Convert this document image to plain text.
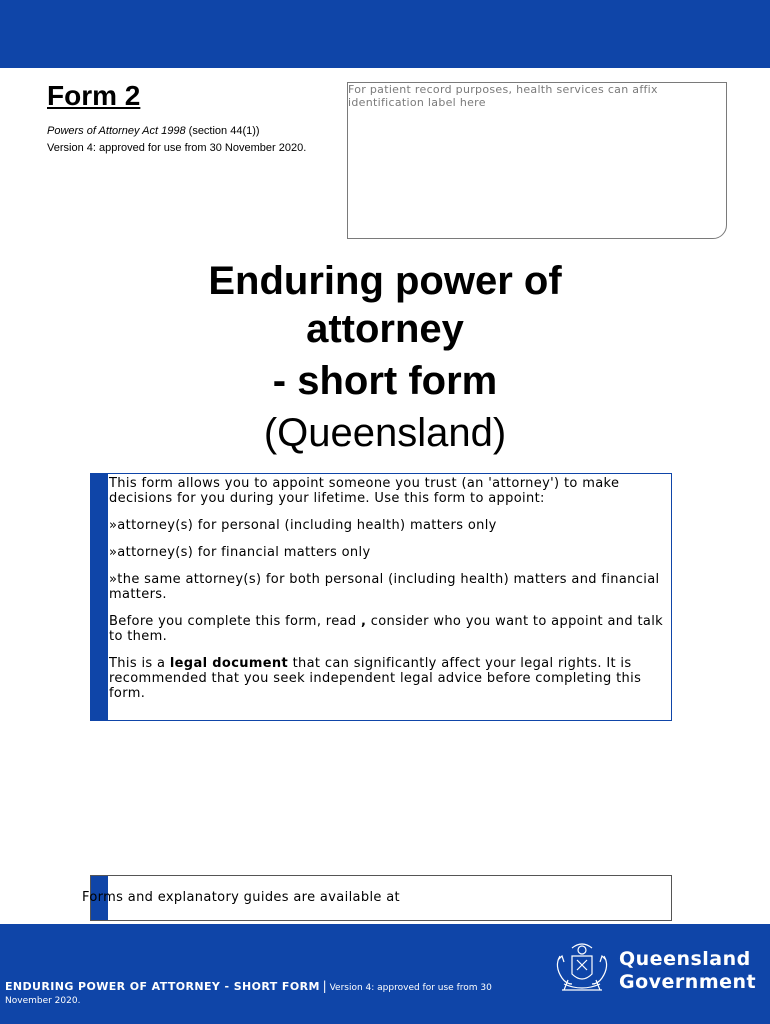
Form 2
Powers of Attorney Act 1998 (section 44(1))
Version 4: approved for use from 30 November 2020.
For patient record purposes, health services can affix identification label here
Enduring power of
attorney
- short form
(Queensland)

This form allows you to appoint someone you trust (an 'attorney') to make decisions for you during your lifetime. Use this form to appoint:

»attorney(s) for personal (including health) matters only

»attorney(s) for financial matters only

»the same attorney(s) for both personal (including health) matters and financial matters.

Before you complete this form, read , consider who you want to appoint and talk to them.

This is a legal document that can significantly affect your legal rights. It is recommended that you seek independent legal advice before completing this form.

Forms and explanatory guides are available at
ENDURING POWER OF ATTORNEY - SHORT FORM | Version 4: approved for use from 30 November 2020.
Queensland Government
